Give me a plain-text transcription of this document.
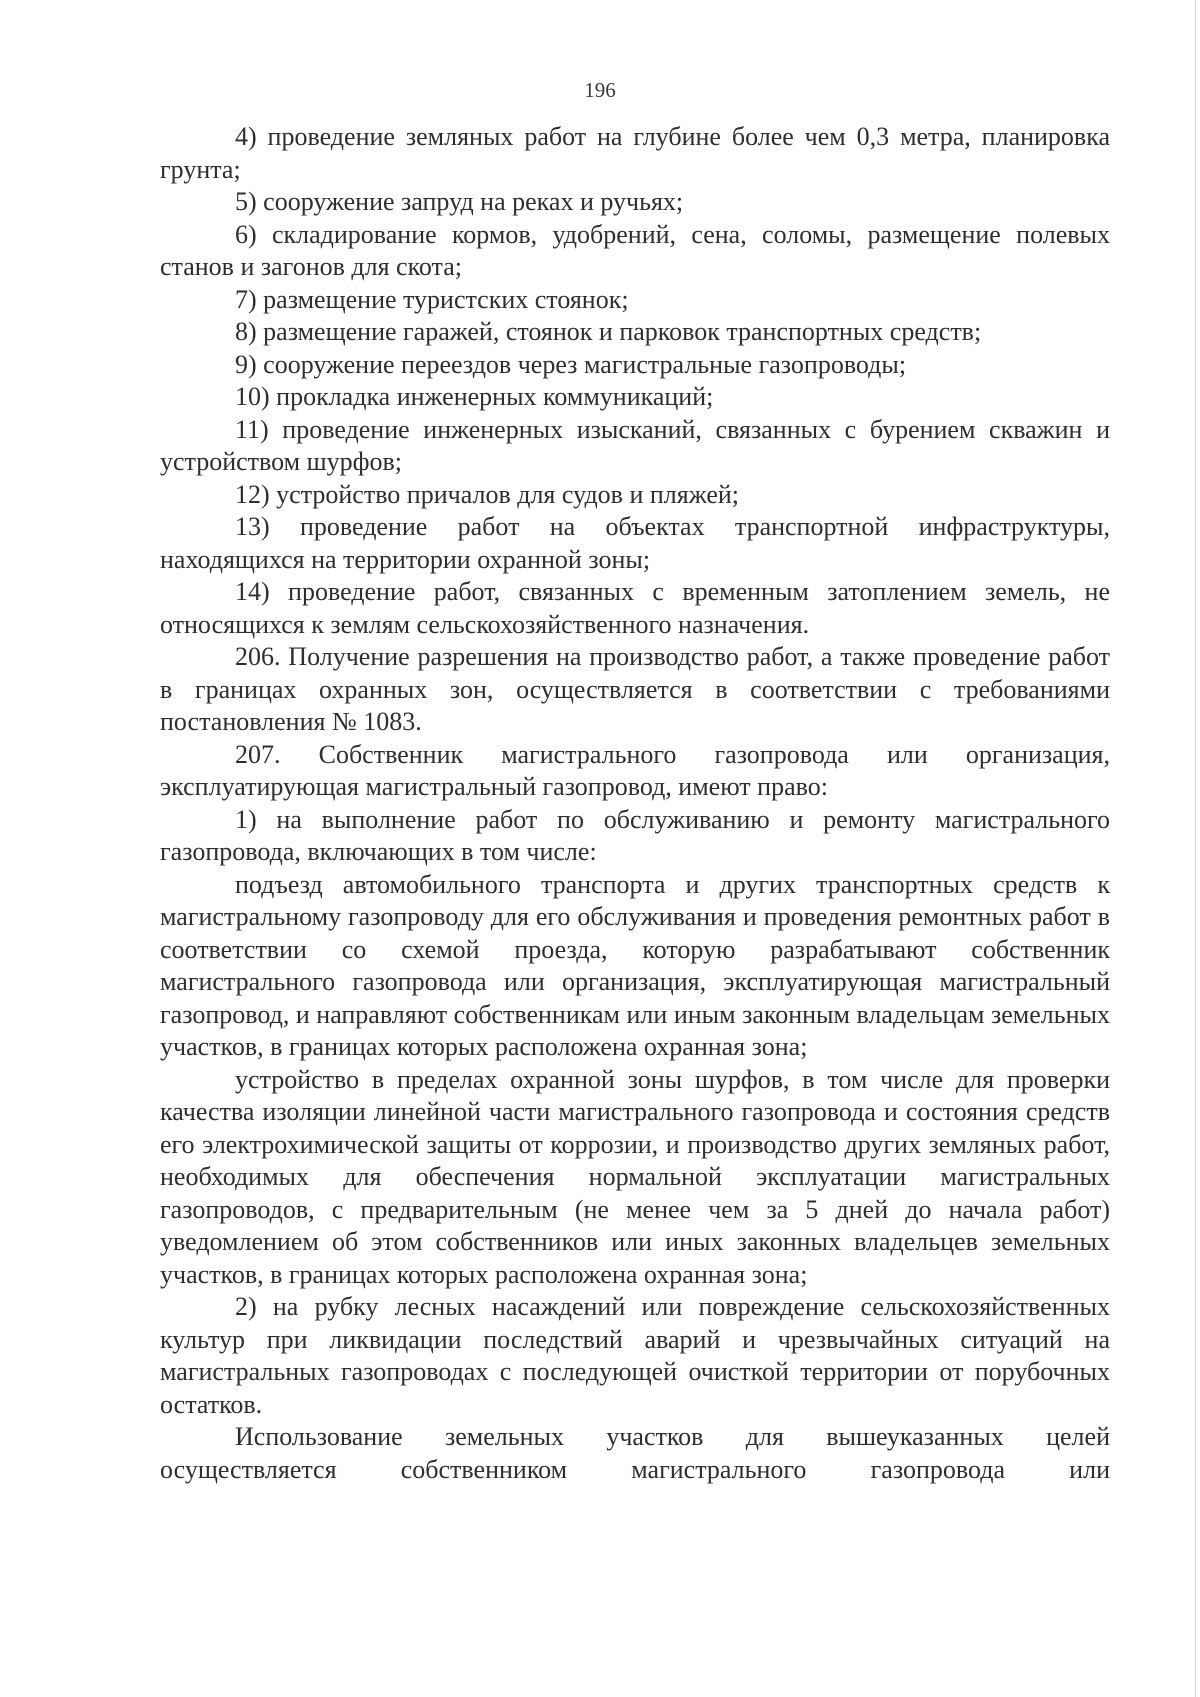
196

4) проведение земляных работ на глубине более чем 0,3 метра, планировка грунта;

5) сооружение запруд на реках и ручьях;

6) складирование кормов, удобрений, сена, соломы, размещение полевых станов и загонов для скота;

7) размещение туристских стоянок;

8) размещение гаражей, стоянок и парковок транспортных средств;

9) сооружение переездов через магистральные газопроводы;

10) прокладка инженерных коммуникаций;

11) проведение инженерных изысканий, связанных с бурением скважин и устройством шурфов;

12) устройство причалов для судов и пляжей;

13) проведение работ на объектах транспортной инфраструктуры, находящихся на территории охранной зоны;

14) проведение работ, связанных с временным затоплением земель, не относящихся к землям сельскохозяйственного назначения.

206. Получение разрешения на производство работ, а также проведение работ в границах охранных зон, осуществляется в соответствии с требованиями постановления № 1083.

207. Собственник магистрального газопровода или организация, эксплуатирующая магистральный газопровод, имеют право:

1) на выполнение работ по обслуживанию и ремонту магистрального газопровода, включающих в том числе:

подъезд автомобильного транспорта и других транспортных средств к магистральному газопроводу для его обслуживания и проведения ремонтных работ в соответствии со схемой проезда, которую разрабатывают собственник магистрального газопровода или организация, эксплуатирующая магистральный газопровод, и направляют собственникам или иным законным владельцам земельных участков, в границах которых расположена охранная зона;

устройство в пределах охранной зоны шурфов, в том числе для проверки качества изоляции линейной части магистрального газопровода и состояния средств его электрохимической защиты от коррозии, и производство других земляных работ, необходимых для обеспечения нормальной эксплуатации магистральных газопроводов, с предварительным (не менее чем за 5 дней до начала работ) уведомлением об этом собственников или иных законных владельцев земельных участков, в границах которых расположена охранная зона;

2) на рубку лесных насаждений или повреждение сельскохозяйственных культур при ликвидации последствий аварий и чрезвычайных ситуаций на магистральных газопроводах с последующей очисткой территории от порубочных остатков.

Использование земельных участков для вышеуказанных целей осуществляется собственником магистрального газопровода или
